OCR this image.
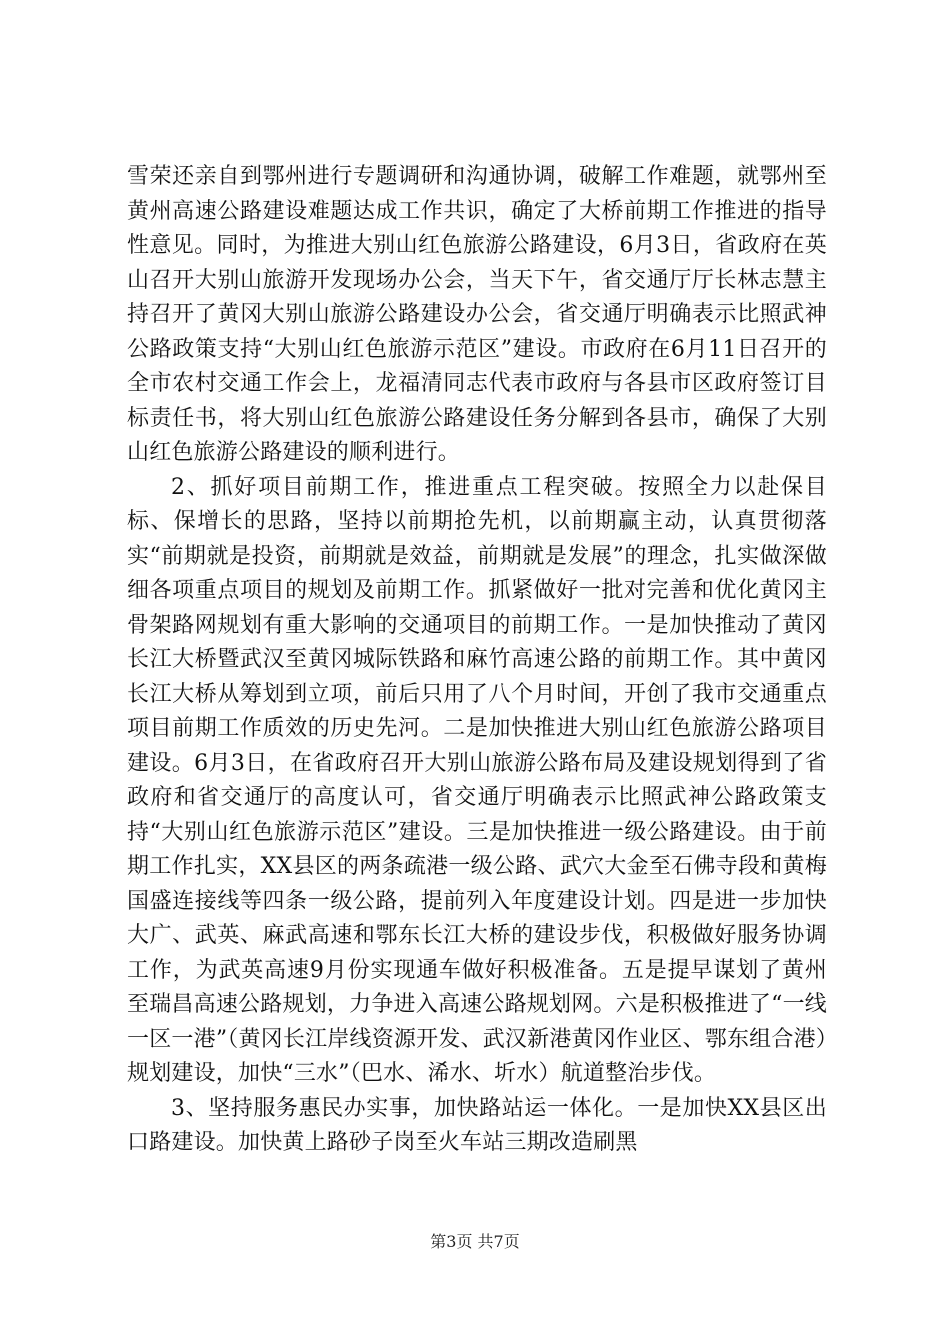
雪荣还亲自到鄂州进行专题调研和沟通协调，破解工作难题，就鄂州至黄州高速公路建设难题达成工作共识，确定了大桥前期工作推进的指导性意见。同时，为推进大别山红色旅游公路建设，6月3日，省政府在英山召开大别山旅游开发现场办公会，当天下午，省交通厅厅长林志慧主持召开了黄冈大别山旅游公路建设办公会，省交通厅明确表示比照武神公路政策支持“大别山红色旅游示范区”建设。市政府在6月11日召开的全市农村交通工作会上，龙福清同志代表市政府与各县市区政府签订目标责任书，将大别山红色旅游公路建设任务分解到各县市，确保了大别山红色旅游公路建设的顺利进行。

2、抓好项目前期工作，推进重点工程突破。按照全力以赴保目标、保增长的思路，坚持以前期抢先机，以前期赢主动，认真贯彻落实“前期就是投资，前期就是效益，前期就是发展”的理念，扎实做深做细各项重点项目的规划及前期工作。抓紧做好一批对完善和优化黄冈主骨架路网规划有重大影响的交通项目的前期工作。一是加快推动了黄冈长江大桥暨武汉至黄冈城际铁路和麻竹高速公路的前期工作。其中黄冈长江大桥从筹划到立项，前后只用了八个月时间，开创了我市交通重点项目前期工作质效的历史先河。二是加快推进大别山红色旅游公路项目建设。6月3日，在省政府召开大别山旅游公路布局及建设规划得到了省政府和省交通厅的高度认可，省交通厅明确表示比照武神公路政策支持“大别山红色旅游示范区”建设。三是加快推进一级公路建设。由于前期工作扎实，XX县区的两条疏港一级公路、武穴大金至石佛寺段和黄梅国盛连接线等四条一级公路，提前列入年度建设计划。四是进一步加快大广、武英、麻武高速和鄂东长江大桥的建设步伐，积极做好服务协调工作，为武英高速9月份实现通车做好积极准备。五是提早谋划了黄州至瑞昌高速公路规划，力争进入高速公路规划网。六是积极推进了“一线一区一港”（黄冈长江岸线资源开发、武汉新港黄冈作业区、鄂东组合港）规划建设，加快“三水”（巴水、浠水、圻水）航道整治步伐。

3、坚持服务惠民办实事，加快路站运一体化。一是加快XX县区出口路建设。加快黄上路砂子岗至火车站三期改造刷黑

第3页 共7页
